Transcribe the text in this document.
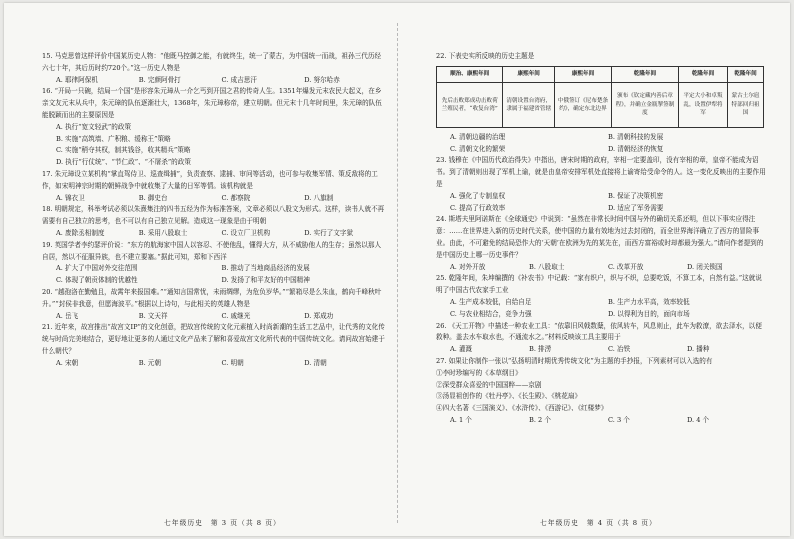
15. 马克思曾这样评价中国某历史人物：“他既马控御之能，有就终生，统一了蒙古，为中国统一而战，祖孙三代历经六七十年，其后历时约720个。”这一历史人物是

A. 耶律阿保机	B. 完颜阿骨打	C. 成吉思汗	D. 努尔哈赤

16. “开局一只碗，结局一个国”是形容朱元璋从一介乞丐到开国之君的传奇人生。1351年爆发元末农民大起义，在乡亲文友元末从兵中，朱元璋的队伍逐渐壮大，1368年，朱元璋称帝，建立明朝。但元末十几年时间里，朱元璋的队伍能脱颖而出的主要原因是

A. 执行“宽文轻武”的政策
B. 实施“高筑墙、广积粮、缓称王”策略
C. 实施“稍夺其权，制其钱谷，收其精兵”策略
D. 执行“行仗统”、“节仁政”、“不屠杀”的政策

17. 朱元璋设立某机构“掌直驾侍卫、巡查缉捕”，负责查察、逮捕、审问等活动，也可参与收集军情、策反敌将的工作，如宋明神宗时期的朝鲜战争中就收集了大量的日军等情。该机构就是

A. 锦衣卫	B. 御史台	C. 都察院	D. 八旗制

18. 明朝规定，科举考试必须以朱熹集注的四书五经为作为标准答案，文章必须以八股文为形式。这样，读书人就不再需要有自己独立的思考，也不可以有自己独立见解。造成这一现象是由于明朝

A. 废除丞相制度	B. 采用八股取士	C. 设立厂卫机构	D. 实行了文字狱

19. 英国学者李约瑟评价说：“东方的航海家中国人以容忍、不使他乱，懂得大方，从不威胁他人的生存；虽然以那人自居，然以不征服异族，也不建立要塞。”据此可知，郑和下西洋

A. 扩大了中国对外交往范围	B. 推动了当地商品经济的发展
C. 体现了朝贡体制的优越性	D. 发扬了和平友好的中国精神

20. “越孢洛在勤勉且，故霄年来报国难。”“通知言国常忧，未雨绸缪，为危负岁华。”“繁箱尽是么朱血，鹤向千峰秋叶升。”“封侯非我意，但愿海波平。”根据以上诗句，与此相关的英雄人物是

A. 岳飞	B. 文天祥	C. 戚继光	D. 郑成功

21. 近年来，故宫推出“故宫文IP”的文化创意，把故宫传统的文化元素植入时尚新潮的生活工艺品中，让代秀的文化传统与时尚完美地结合，更好地让更多的人通过文化产品来了解和喜爱故宫文化所代表的中国传统文化。请问故宫始建于什么朝代？

A. 宋朝	B. 元朝	C. 明朝	D. 清朝
七年级历史　第 3 页（共 8 页）

22. 下表史实所反映的历史主题是

顺治、康熙年间	康熙年间	康熙年间	乾隆年间	乾隆年间	乾隆年间
先后击败郑成功击败荷兰殖民者，“收复台湾”	清朝设置台湾府，隶属于福建省管辖	中俄签订《尼布楚条约》，确定东北边界	颁布《钦定藏内善后章程》，并确立金瓶掣签制度	平定大小和卓叛乱，设置伊犁将军	蒙古土尔扈特部回归祖国
A. 清朝边疆的治理	B. 清朝科技的发展
C. 清朝文化的繁荣	D. 清朝经济的恢复

23. 钱穆在《中国历代政治得失》中指出，唐宋时期的政府，宰相一定要盖印，没有宰相的章，皇帝不能成为诏书。到了清朝则出现了军机上谕，就是由皇帝安排军机处直接将上谕寄给受命令的人。这一变化反映出的主要作用是

A. 强化了专制皇权	B. 保证了决策机密
C. 提高了行政效率	D. 适应了军务需要

24. 斯塔夫里阿诺斯在《全球通史》中说到：“虽然在非常长时间中国与外的确切关系还明，但以下事实应得注意：……在世界进入新的历史时代关系，使中国的力量有效地为过去封闭的，而全世界海洋确立了西方的冒险事业。由此，不可避免的结局恐作大的‘天朝’在欧洲为先的某先在，而西方富裕或时却都最为强大。”请问作者提到的是中国历史上哪一历史事件？

A. 对外开放	B. 八股取士	C. 改革开放	D. 闭关锁国

25. 乾隆年间，朱坤编撰的《补农书》中记载：“家有织户，织与不织，总要吃饭，不算工本，自然有益。”这就说明了中国古代农家手工业

A. 生产成本较低，自给自足	B. 生产力水平高，效率较低
C. 与农业相结合，竞争力强	D. 以得利为目的，面向市场

26. 《天工开物》中描述一种农业工具：“依靠旧风戟数蘖，依风转车，风息则止，此车为救潦，欲去泽水，以便救种。盖去水车取水也，不通流水之。”材料反映该工具主要用于

A. 灌溉	B. 排涝	C. 冶铁	D. 播种

27. 如果让你制作一张以“弘扬明清时期优秀传统文化”为主题的手抄报，下列素材可以入选的有

①李时珍编写的《本草纲目》
②深受群众喜爱的中国国粹——京剧
③汤显祖创作的《牡丹亭》、《长生殿》、《桃花扇》
④四大名著《三国演义》、《水浒传》、《西游记》、《红楼梦》
A. 1 个	B. 2 个	C. 3 个	D. 4 个
七年级历史　第 4 页（共 8 页）
